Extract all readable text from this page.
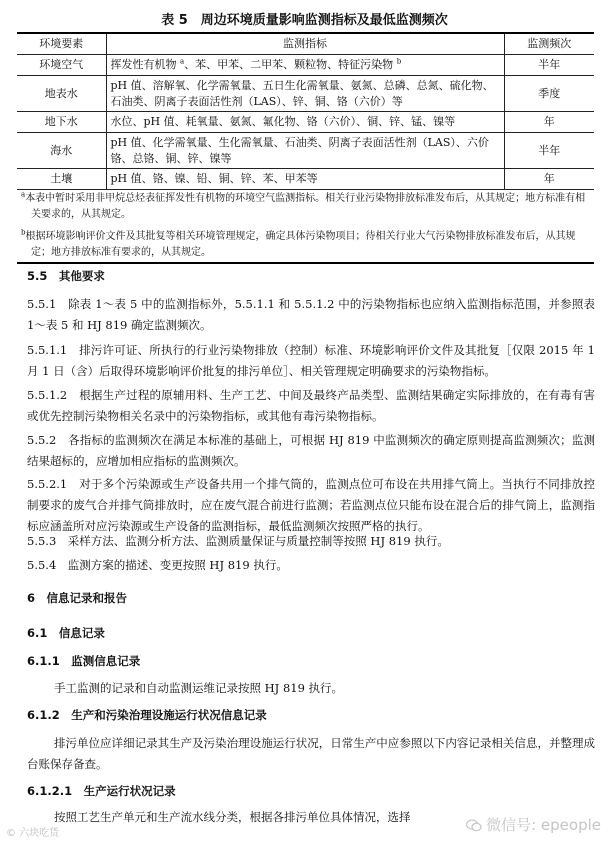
表 5　周边环境质量影响监测指标及最低监测频次
环境要素	监测指标	监测频次
环境空气	挥发性有机物 $^a$、苯、甲苯、二甲苯、颗粒物、特征污染物 $^b$	半年
地表水	pH 值、溶解氧、化学需氧量、五日生化需氧量、氨氮、总磷、总氮、硫化物、石油类、阴离子表面活性剂（LAS）、锌、铜、铬（六价）等	季度
地下水	水位、pH 值、耗氧量、氨氮、氟化物、铬（六价）、铜、锌、锰、镍等	年
海水	pH 值、化学需氧量、生化需氧量、石油类、阴离子表面活性剂（LAS）、六价铬、总铬、铜、锌、镍等	半年
土壤	pH 值、铬、镍、铅、铜、锌、苯、甲苯等	年

$^a$本表中暂时采用非甲烷总烃表征挥发性有机物的环境空气监测指标。相关行业污染物排放标准发布后，从其规定；地方标准有相关要求的，从其规定。
$^b$根据环境影响评价文件及其批复等相关环境管理规定，确定具体污染物项目；待相关行业大气污染物排放标准发布后，从其规定；地方排放标准有要求的，从其规定。		
5.5　 其他要求
5.5.1　除表 1～表 5 中的监测指标外，5.5.1.1 和 5.5.1.2 中的污染物指标也应纳入监测指标范围，并参照表 1～表 5 和 HJ 819 确定监测频次。
5.5.1.1　排污许可证、所执行的行业污染物排放（控制）标准、环境影响评价文件及其批复［仅限 2015 年 1 月 1 日（含）后取得环境影响评价批复的排污单位］、相关管理规定明确要求的污染物指标。
5.5.1.2　根据生产过程的原辅用料、生产工艺、中间及最终产品类型、监测结果确定实际排放的，在有毒有害或优先控制污染物相关名录中的污染物指标，或其他有毒污染物指标。
5.5.2　各指标的监测频次在满足本标准的基础上，可根据 HJ 819 中监测频次的确定原则提高监测频次；监测结果超标的，应增加相应指标的监测频次。
5.5.2.1　对于多个污染源或生产设备共用一个排气筒的，监测点位可布设在共用排气筒上。当执行不同排放控制要求的废气合并排气筒排放时，应在废气混合前进行监测；若监测点位只能布设在混合后的排气筒上，监测指标应涵盖所对应污染源或生产设备的监测指标，最低监测频次按照严格的执行。
5.5.3　采样方法、监测分析方法、监测质量保证与质量控制等按照 HJ 819 执行。
5.5.4　监测方案的描述、变更按照 HJ 819 执行。
6　 信息记录和报告
6.1　 信息记录
6.1.1　 监测信息记录
手工监测的记录和自动监测运维记录按照 HJ 819 执行。
6.1.2　 生产和污染治理设施运行状况信息记录
排污单位应详细记录其生产及污染治理设施运行状况，日常生产中应参照以下内容记录相关信息，并整理成台账保存备查。
6.1.2.1　 生产运行状况记录
按照工艺生产单元和生产流水线分类，根据各排污单位具体情况，选择
© 六块吃货	微信号: epeople
